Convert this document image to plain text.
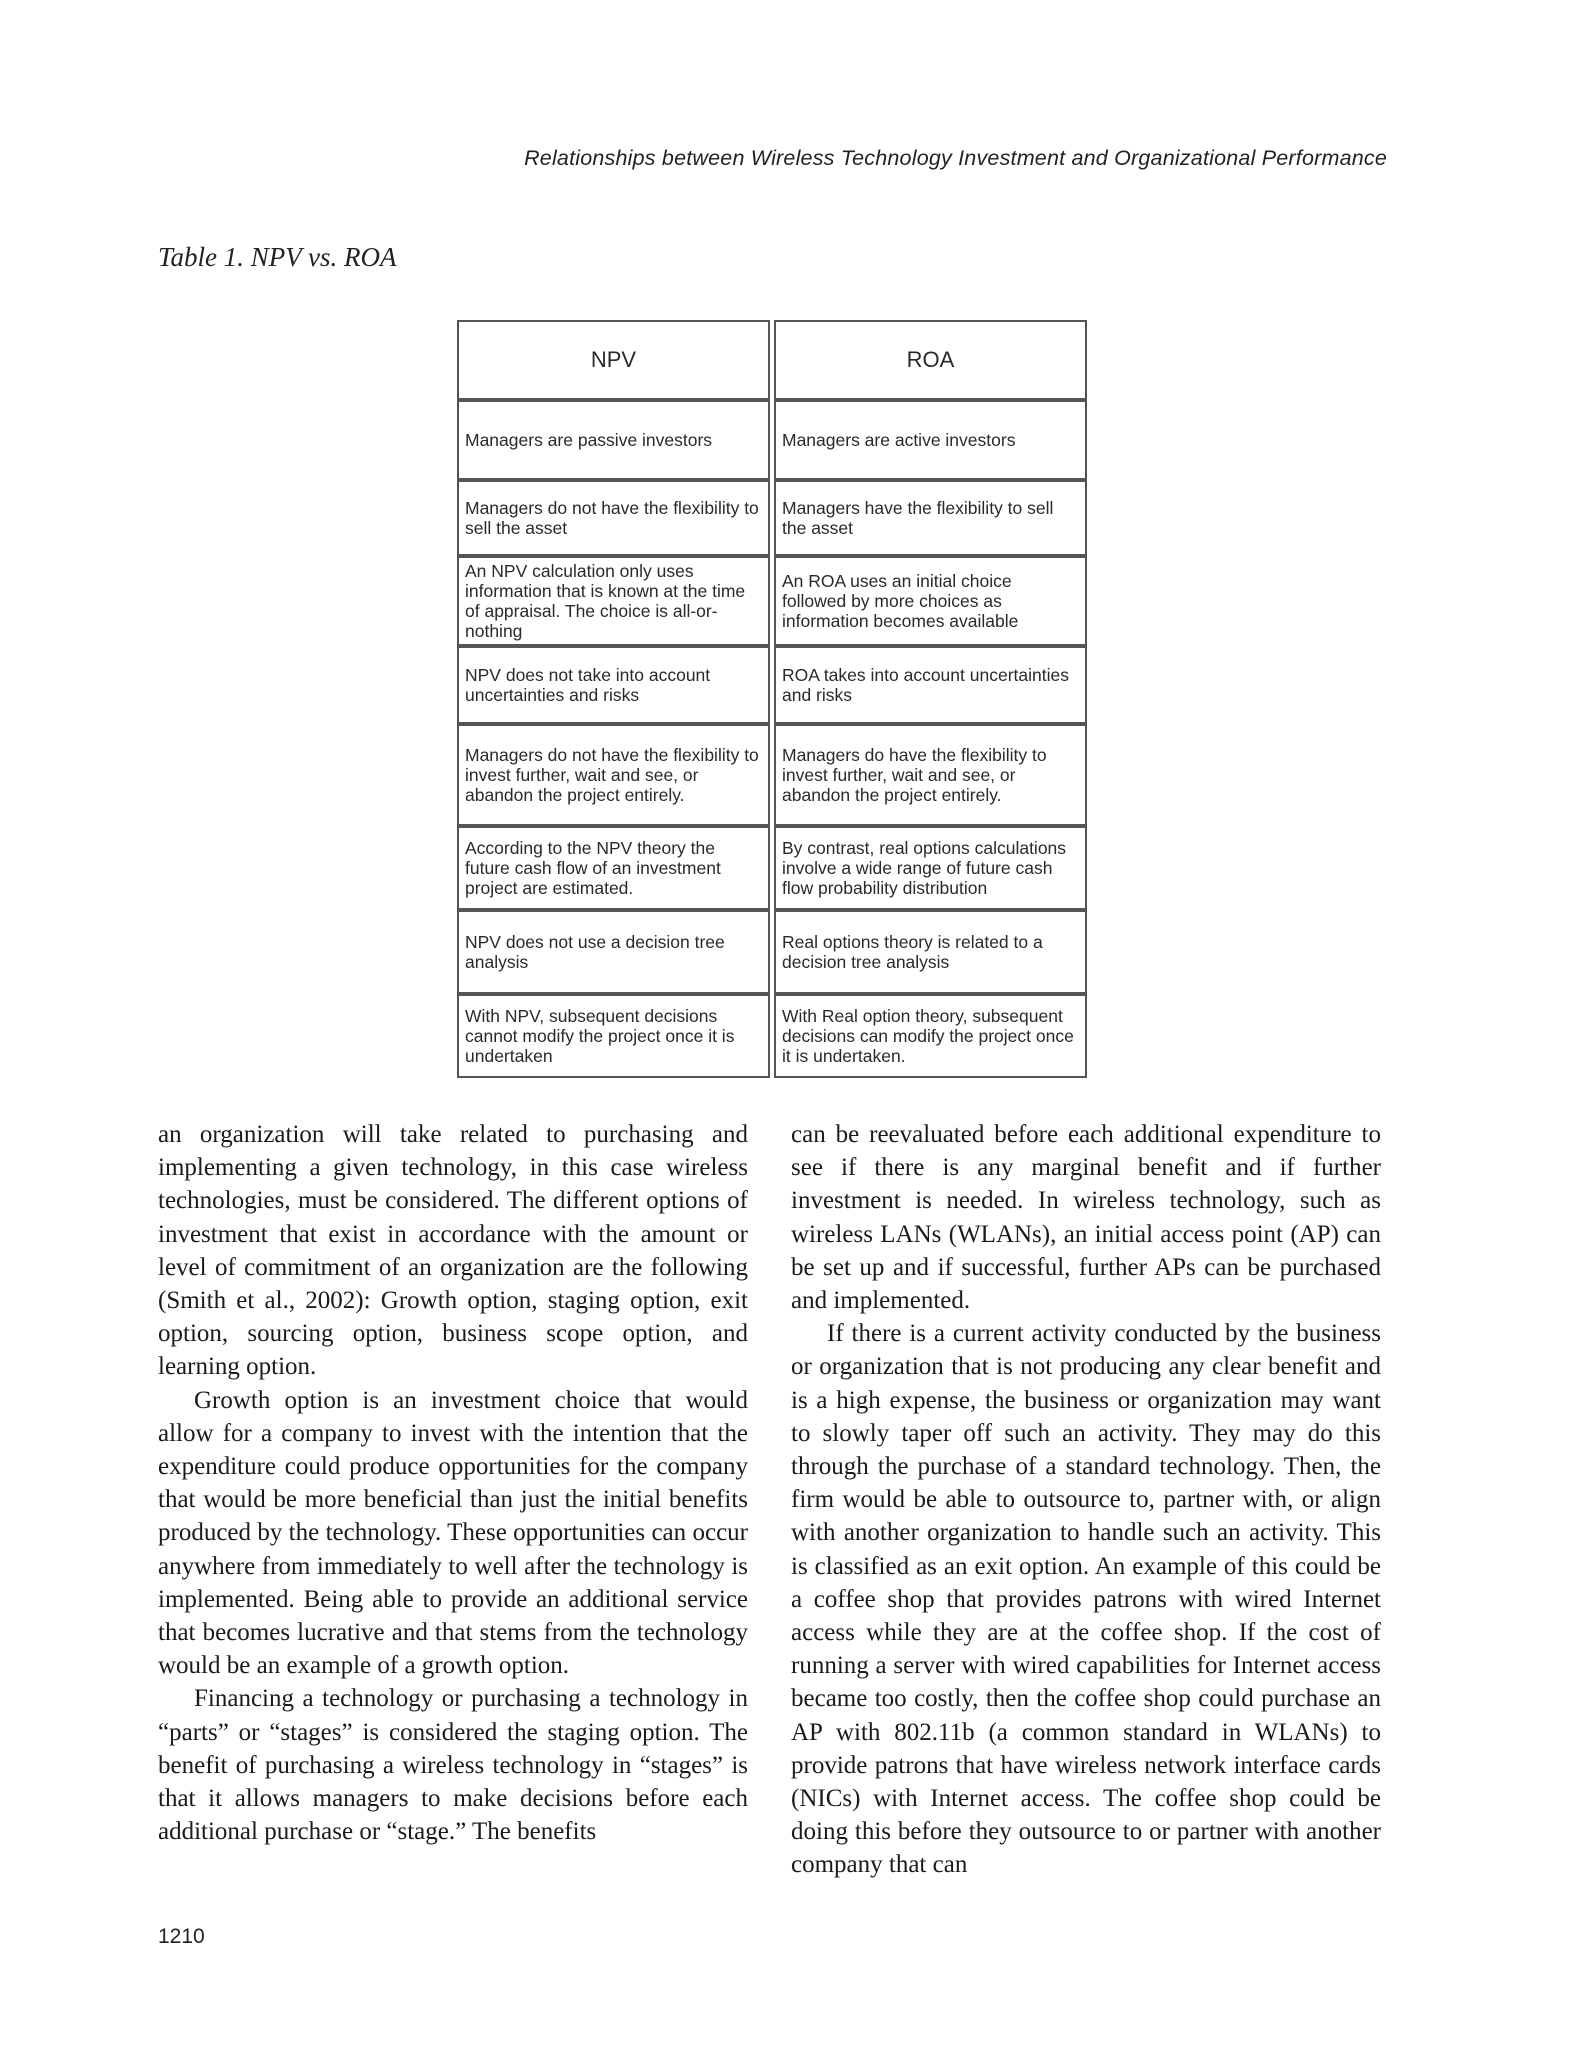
Relationships between Wireless Technology Investment and Organizational Performance
Table 1. NPV vs. ROA
NPV	ROA
Managers are passive investors	Managers are active investors
Managers do not have the flexibility to sell the asset	Managers have the flexibility to sell the asset
An NPV calculation only uses information that is known at the time of appraisal. The choice is all-or-nothing	An ROA uses an initial choice followed by more choices as information becomes available
NPV does not take into account uncertainties and risks	ROA takes into account uncertainties and risks
Managers do not have the flexibility to invest further, wait and see, or abandon the project entirely.	Managers do have the flexibility to invest further, wait and see, or abandon the project entirely.
According to the NPV theory the future cash flow of an investment project are estimated.	By contrast, real options calculations involve a wide range of future cash flow probability distribution
NPV does not use a decision tree analysis	Real options theory is related to a decision tree analysis
With NPV, subsequent decisions cannot modify the project once it is undertaken	With Real option theory, subsequent decisions can modify the project once it is undertaken.

an organization will take related to purchasing and implementing a given technology, in this case wireless technologies, must be considered. The different options of investment that exist in accordance with the amount or level of commitment of an organization are the following (Smith et al., 2002): Growth option, staging option, exit option, sourcing option, business scope option, and learning option.

Growth option is an investment choice that would allow for a company to invest with the intention that the expenditure could produce opportunities for the company that would be more beneficial than just the initial benefits produced by the technology. These opportunities can occur anywhere from immediately to well after the technology is implemented. Being able to provide an additional service that becomes lucrative and that stems from the technology would be an example of a growth option.

Financing a technology or purchasing a technology in “parts” or “stages” is considered the staging option. The benefit of purchasing a wireless technology in “stages” is that it allows managers to make decisions before each additional purchase or “stage.” The benefits

can be reevaluated before each additional expenditure to see if there is any marginal benefit and if further investment is needed. In wireless technology, such as wireless LANs (WLANs), an initial access point (AP) can be set up and if successful, further APs can be purchased and implemented.

If there is a current activity conducted by the business or organization that is not producing any clear benefit and is a high expense, the business or organization may want to slowly taper off such an activity. They may do this through the purchase of a standard technology. Then, the firm would be able to outsource to, partner with, or align with another organization to handle such an activity. This is classified as an exit option. An example of this could be a coffee shop that provides patrons with wired Internet access while they are at the coffee shop. If the cost of running a server with wired capabilities for Internet access became too costly, then the coffee shop could purchase an AP with 802.11b (a common standard in WLANs) to provide patrons that have wireless network interface cards (NICs) with Internet access. The coffee shop could be doing this before they outsource to or partner with another company that can

1210
